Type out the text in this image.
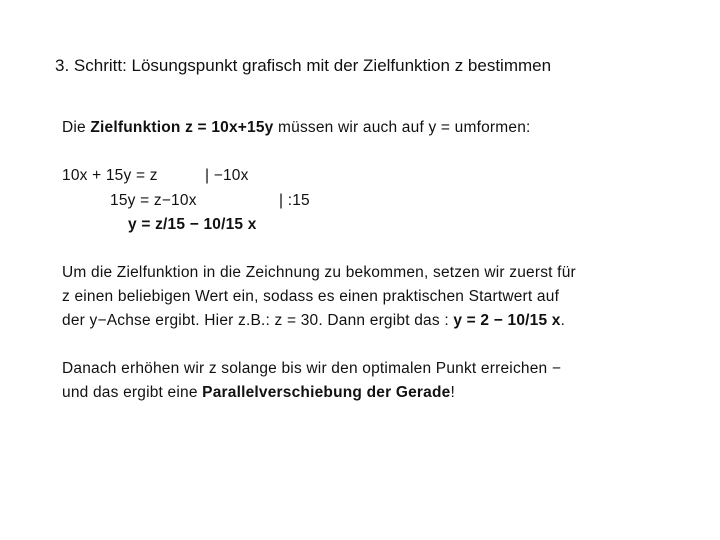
3. Schritt: Lösungspunkt grafisch mit der Zielfunktion z bestimmen
Die Zielfunktion z = 10x+15y müssen wir auch auf y = umformen:
10x + 15y = z	| −10x
15y = z−10x	| :15
y = z/15 − 10/15 x
Um die Zielfunktion in die Zeichnung zu bekommen, setzen wir zuerst für
z einen beliebigen Wert ein, sodass es einen praktischen Startwert auf
der y−Achse ergibt. Hier z.B.: z = 30. Dann ergibt das : y = 2 − 10/15 x.
Danach erhöhen wir z solange bis wir den optimalen Punkt erreichen −
und das ergibt eine Parallelverschiebung der Gerade!
